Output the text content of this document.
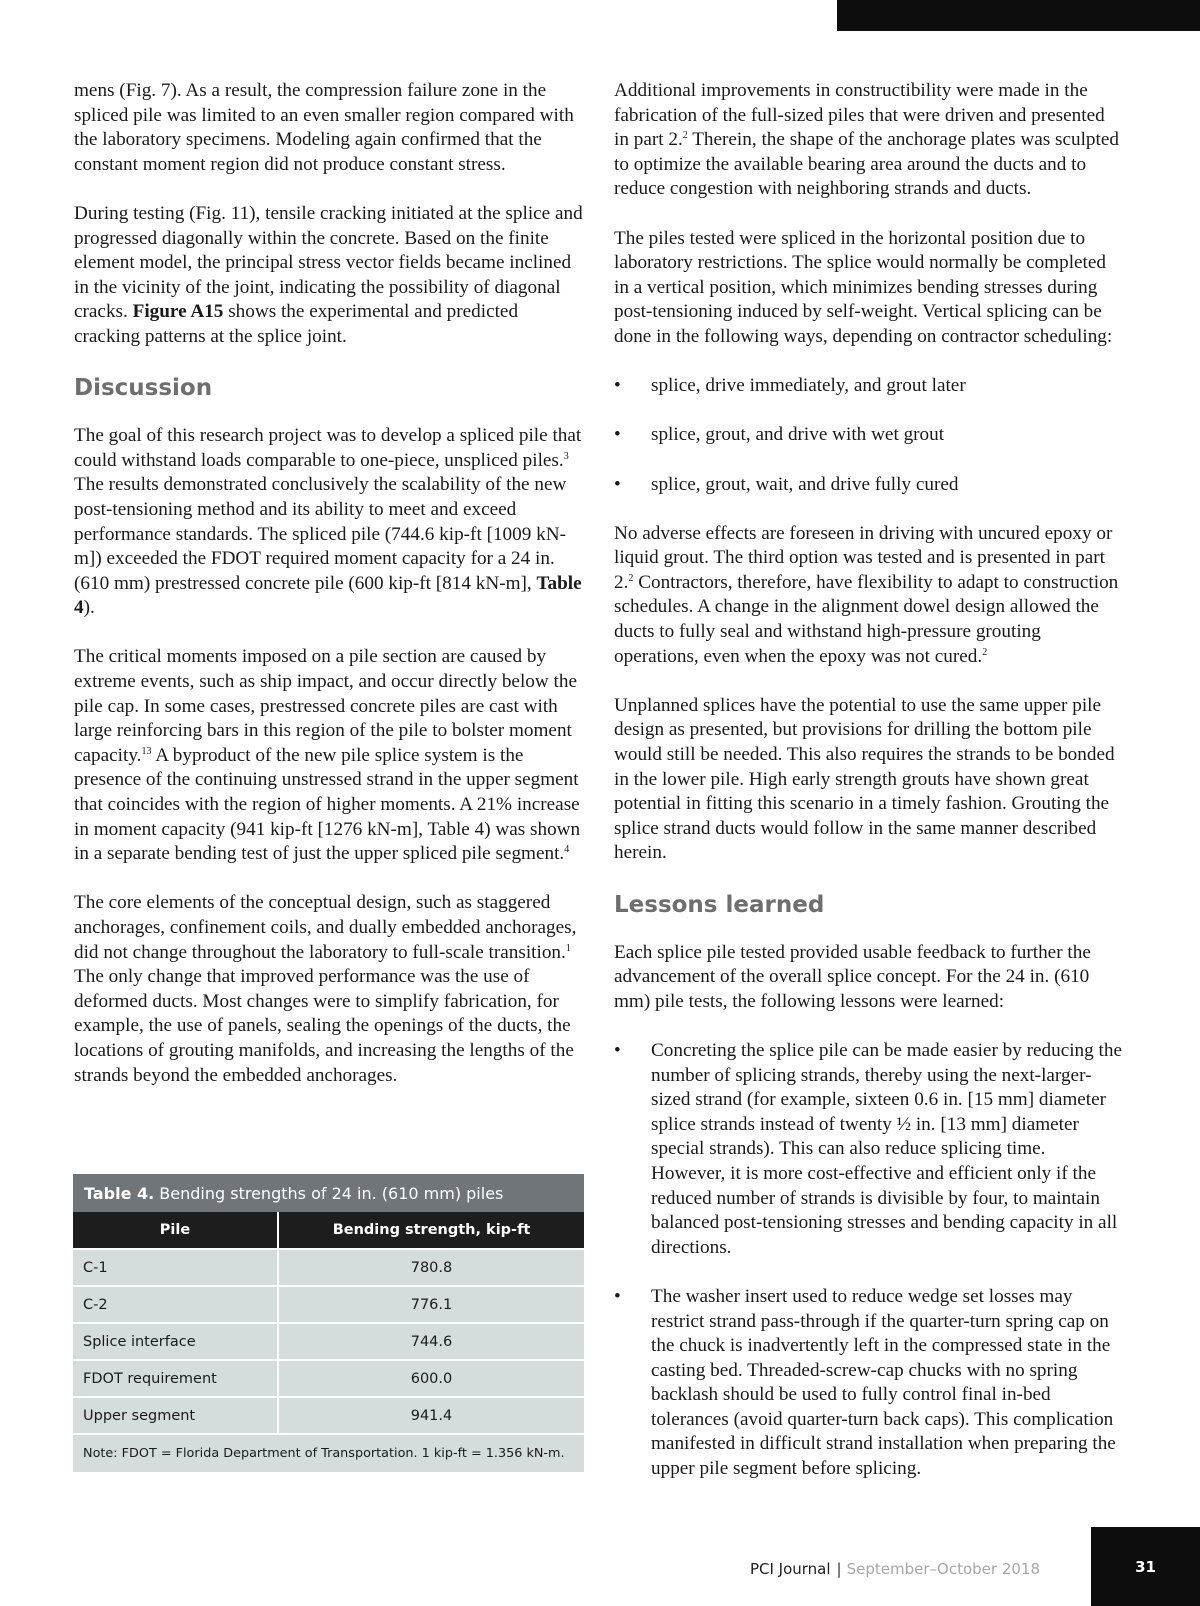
mens (Fig. 7). As a result, the compression failure zone in the spliced pile was limited to an even smaller region compared with the laboratory specimens. Modeling again confirmed that the constant moment region did not produce constant stress.

During testing (Fig. 11), tensile cracking initiated at the splice and progressed diagonally within the concrete. Based on the finite element model, the principal stress vector fields became inclined in the vicinity of the joint, indicating the possibility of diagonal cracks. Figure A15 shows the experimental and predicted cracking patterns at the splice joint.

Discussion

The goal of this research project was to develop a spliced pile that could withstand loads comparable to one-piece, unspliced piles.$^3$ The results demonstrated conclusively the scalability of the new post-tensioning method and its ability to meet and exceed performance standards. The spliced pile (744.6 kip-ft [1009 kN-m]) exceeded the FDOT required moment capacity for a 24 in. (610 mm) prestressed concrete pile (600 kip-ft [814 kN-m], Table 4).

The critical moments imposed on a pile section are caused by extreme events, such as ship impact, and occur directly below the pile cap. In some cases, prestressed concrete piles are cast with large reinforcing bars in this region of the pile to bolster moment capacity.$^{13}$ A byproduct of the new pile splice system is the presence of the continuing unstressed strand in the upper segment that coincides with the region of higher moments. A 21% increase in moment capacity (941 kip-ft [1276 kN-m], Table 4) was shown in a separate bending test of just the upper spliced pile segment.$^4$

The core elements of the conceptual design, such as staggered anchorages, confinement coils, and dually embedded anchorages, did not change throughout the laboratory to full-scale transition.$^1$ The only change that improved performance was the use of deformed ducts. Most changes were to simplify fabrication, for example, the use of panels, sealing the openings of the ducts, the locations of grouting manifolds, and increasing the lengths of the strands beyond the embedded anchorages.

Table 4. Bending strengths of 24 in. (610 mm) piles	
Pile	Bending strength, kip-ft
C-1	780.8
C-2	776.1
Splice interface	744.6
FDOT requirement	600.0
Upper segment	941.4
Note: FDOT = Florida Department of Transportation. 1 kip-ft = 1.356 kN-m.	

Additional improvements in constructibility were made in the fabrication of the full-sized piles that were driven and presented in part 2.$^2$ Therein, the shape of the anchorage plates was sculpted to optimize the available bearing area around the ducts and to reduce congestion with neighboring strands and ducts.

The piles tested were spliced in the horizontal position due to laboratory restrictions. The splice would normally be completed in a vertical position, which minimizes bending stresses during post-tensioning induced by self-weight. Vertical splicing can be done in the following ways, depending on contractor scheduling:

• splice, drive immediately, and grout later
• splice, grout, and drive with wet grout
• splice, grout, wait, and drive fully cured

No adverse effects are foreseen in driving with uncured epoxy or liquid grout. The third option was tested and is presented in part 2.$^2$ Contractors, therefore, have flexibility to adapt to construction schedules. A change in the alignment dowel design allowed the ducts to fully seal and withstand high-pressure grouting operations, even when the epoxy was not cured.$^2$

Unplanned splices have the potential to use the same upper pile design as presented, but provisions for drilling the bottom pile would still be needed. This also requires the strands to be bonded in the lower pile. High early strength grouts have shown great potential in fitting this scenario in a timely fashion. Grouting the splice strand ducts would follow in the same manner described herein.

Lessons learned

Each splice pile tested provided usable feedback to further the advancement of the overall splice concept. For the 24 in. (610 mm) pile tests, the following lessons were learned:

• Concreting the splice pile can be made easier by reducing the number of splicing strands, thereby using the next-larger-sized strand (for example, sixteen 0.6 in. [15 mm] diameter splice strands instead of twenty ½ in. [13 mm] diameter special strands). This can also reduce splicing time. However, it is more cost-effective and efficient only if the reduced number of strands is divisible by four, to maintain balanced post-tensioning stresses and bending capacity in all directions.
• The washer insert used to reduce wedge set losses may restrict strand pass-through if the quarter-turn spring cap on the chuck is inadvertently left in the compressed state in the casting bed. Threaded-screw-cap chucks with no spring backlash should be used to fully control final in-bed tolerances (avoid quarter-turn back caps). This complication manifested in difficult strand installation when preparing the upper pile segment before splicing.
PCI Journal | September–October 2018	31
